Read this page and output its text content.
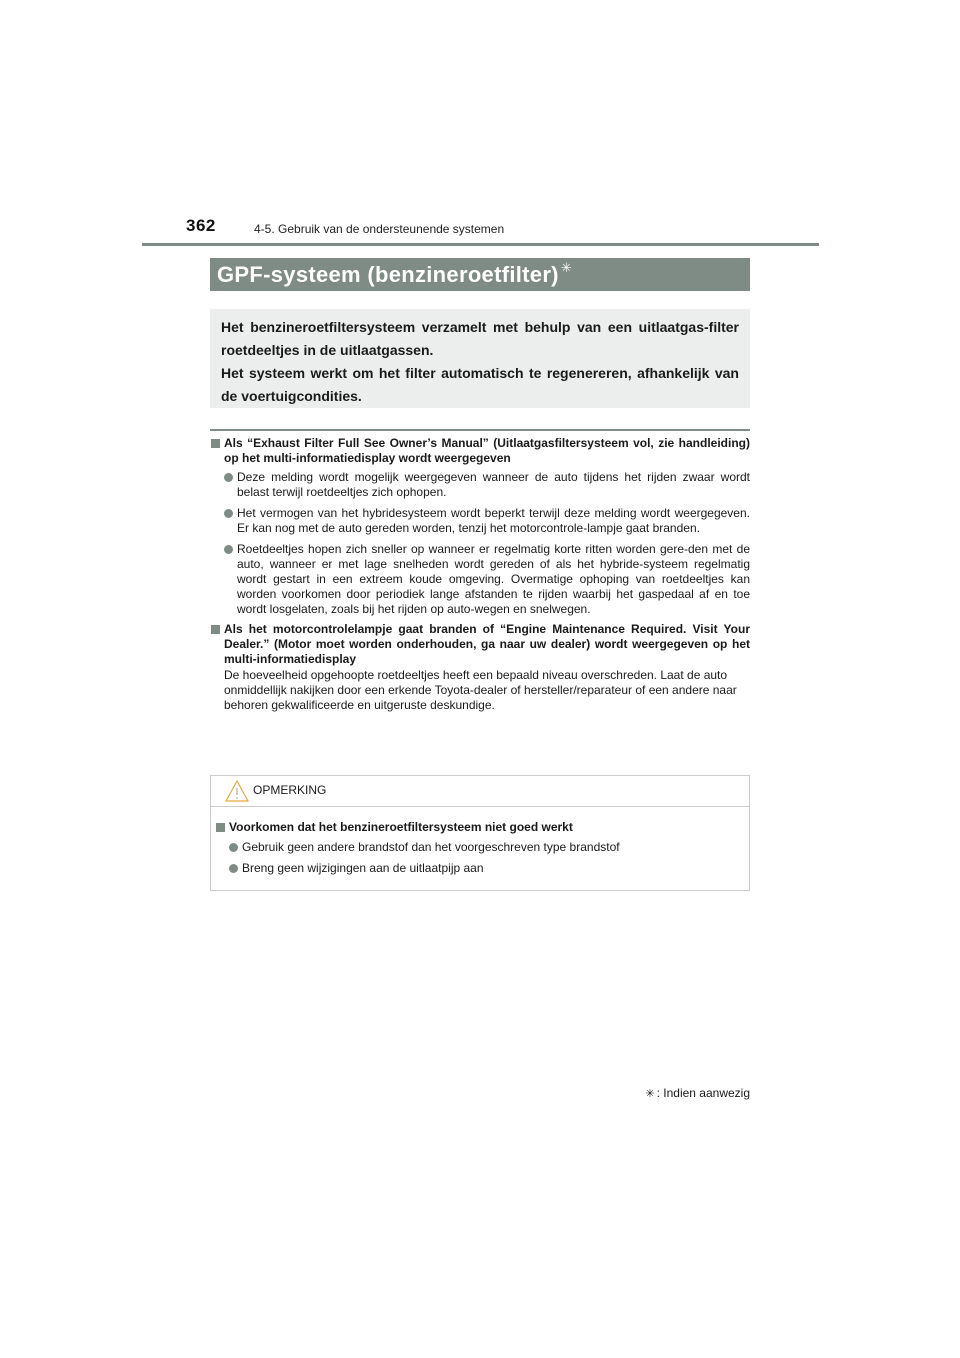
362	4-5. Gebruik van de ondersteunende systemen
GPF-systeem (benzineroetfilter)✳

Het benzineroetfiltersysteem verzamelt met behulp van een uitlaatgas-filter roetdeeltjes in de uitlaatgassen.

Het systeem werkt om het filter automatisch te regenereren, afhankelijk van de voertuigcondities.

Als “Exhaust Filter Full See Owner’s Manual” (Uitlaatgasfiltersysteem vol, zie handleiding) op het multi-informatiedisplay wordt weergegeven
Deze melding wordt mogelijk weergegeven wanneer de auto tijdens het rijden zwaar wordt belast terwijl roetdeeltjes zich ophopen.
Het vermogen van het hybridesysteem wordt beperkt terwijl deze melding wordt weergegeven. Er kan nog met de auto gereden worden, tenzij het motorcontrole-lampje gaat branden.
Roetdeeltjes hopen zich sneller op wanneer er regelmatig korte ritten worden gere-den met de auto, wanneer er met lage snelheden wordt gereden of als het hybride-systeem regelmatig wordt gestart in een extreem koude omgeving. Overmatige ophoping van roetdeeltjes kan worden voorkomen door periodiek lange afstanden te rijden waarbij het gaspedaal af en toe wordt losgelaten, zoals bij het rijden op auto-wegen en snelwegen.
Als het motorcontrolelampje gaat branden of “Engine Maintenance Required. Visit Your Dealer.” (Motor moet worden onderhouden, ga naar uw dealer) wordt weergegeven op het multi-informatiedisplay
De hoeveelheid opgehoopte roetdeeltjes heeft een bepaald niveau overschreden. Laat de auto onmiddellijk nakijken door een erkende Toyota-dealer of hersteller/reparateur of een andere naar behoren gekwalificeerde en uitgeruste deskundige.
OPMERKING
Voorkomen dat het benzineroetfiltersysteem niet goed werkt
Gebruik geen andere brandstof dan het voorgeschreven type brandstof
Breng geen wijzigingen aan de uitlaatpijp aan
✳ : Indien aanwezig
